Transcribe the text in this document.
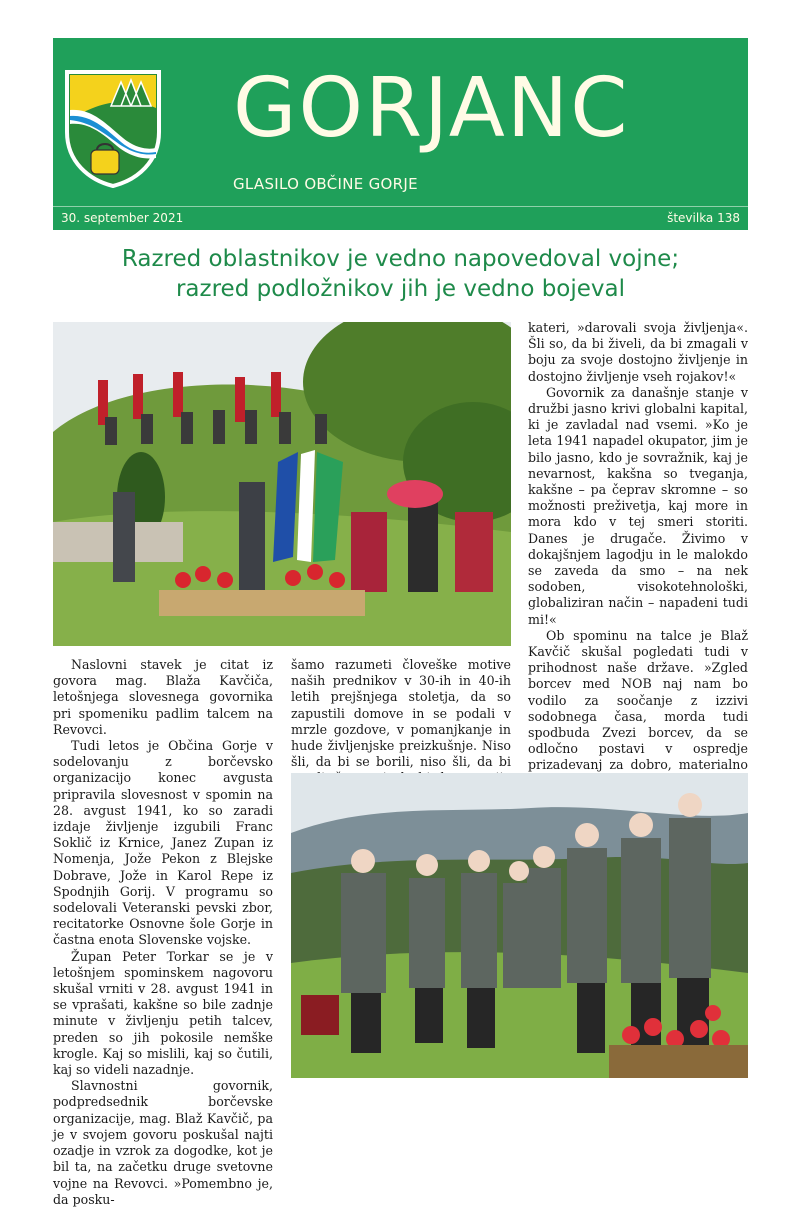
GORJANC
GLASILO OBČINE GORJE
30. september 2021	številka 138
Razred oblastnikov je vedno napovedoval vojne;
razred podložnikov jih je vedno bojeval

Naslovni stavek je citat iz govora mag. Blaža Kavčiča, letošnjega slovesnega govornika pri spomeniku padlim talcem na Revovci.

Tudi letos je Občina Gorje v sodelovanju z borčevsko organizacijo konec avgusta pripravila slovesnost v spomin na 28. avgust 1941, ko so zaradi izdaje življenje izgubili Franc Soklič iz Krnice, Janez Zupan iz Nomenja, Jože Pekon z Blejske Dobrave, Jože in Karol Repe iz Spodnjih Gorij. V programu so sodelovali Veteranski pevski zbor, recitatorke Osnovne šole Gorje in častna enota Slovenske vojske.

Župan Peter Torkar se je v letošnjem spominskem nagovoru skušal vrniti v 28. avgust 1941 in se vprašati, kakšne so bile zadnje minute v življenju petih talcev, preden so jih pokosile nemške krogle. Kaj so mislili, kaj so čutili, kaj so videli nazadnje.

Slavnostni govornik, podpredsednik borčevske organizacije, mag. Blaž Kavčič, pa je v svojem govoru poskušal najti ozadje in vzrok za dogodke, kot je bil ta, na začetku druge svetovne vojne na Revovci. »Pomembno je, da posku-

šamo razumeti človeške motive naših prednikov v 30-ih in 40-ih letih prejšnjega stoletja, da so zapustili domove in se podali v mrzle gozdove, v pomanjkanje in hude življenjske preizkušnje. Niso šli, da bi se borili, niso šli, da bi

kateri, »darovali svoja življenja«. Šli so, da bi živeli, da bi zmagali v boju za svoje dostojno življenje in dostojno življenje vseh rojakov!«

Govornik za današnje stanje v družbi jasno krivi globalni kapital, ki je zavladal nad vsemi. »Ko je leta 1941 napadel okupator, jim je bilo jasno, kdo je sovražnik, kaj je nevarnost, kakšna so tveganja, kakšne – pa čeprav skromne – so možnosti preživetja, kaj more in mora kdo v tej smeri storiti. Danes je drugače. Živimo v dokajšnjem lagodju in le malokdo se zaveda da smo – na nek sodoben, visokotehnološki, globaliziran način – napadeni tudi mi!«

Ob spominu na talce je Blaž Kavčič skušal pogledati tudi v prihodnost naše države. »Zgled borcev med NOB naj nam bo vodilo za soočanje z izzivi sodobnega časa, morda tudi spodbuda Zvezi borcev, da se odločno postavi v ospredje prizadevanj za dobro, materialno
